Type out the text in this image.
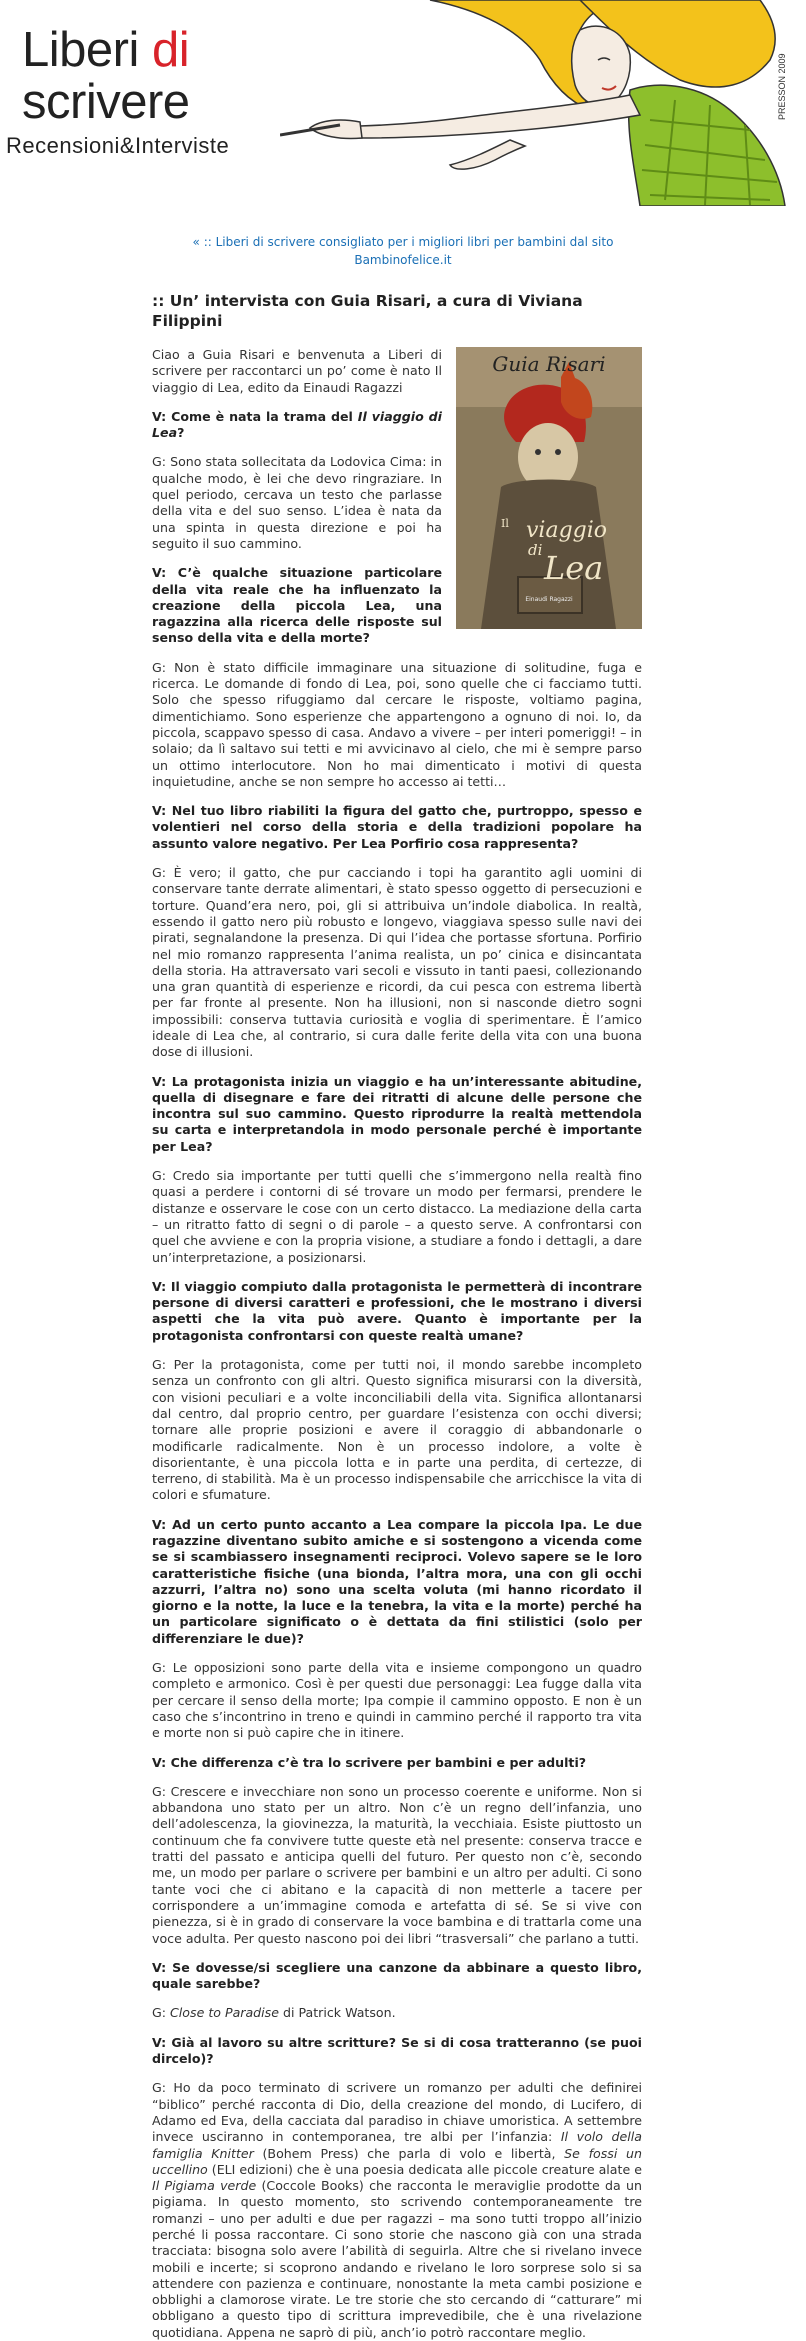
Liberi di
scrivere
Recensioni&Interviste
PRESSON 2009
« :: Liberi di scrivere consigliato per i migliori libri per bambini dal sito Bambinofelice.it
:: Un’ intervista con Guia Risari, a cura di Viviana Filippini
Guia Risari
Il viaggio
di Lea
Einaudi Ragazzi

Ciao a Guia Risari e benvenuta a Liberi di scrivere per raccontarci un po’ come è nato Il viaggio di Lea, edito da Einaudi Ragazzi

V: Come è nata la trama del Il viaggio di Lea?

G: Sono stata sollecitata da Lodovica Cima: in qualche modo, è lei che devo ringraziare. In quel periodo, cercava un testo che parlasse della vita e del suo senso. L’idea è nata da una spinta in questa direzione e poi ha seguito il suo cammino.

V: C’è qualche situazione particolare della vita reale che ha influenzato la creazione della piccola Lea, una ragazzina alla ricerca delle risposte sul senso della vita e della morte?

G: Non è stato difficile immaginare una situazione di solitudine, fuga e ricerca. Le domande di fondo di Lea, poi, sono quelle che ci facciamo tutti. Solo che spesso rifuggiamo dal cercare le risposte, voltiamo pagina, dimentichiamo. Sono esperienze che appartengono a ognuno di noi. Io, da piccola, scappavo spesso di casa. Andavo a vivere – per interi pomeriggi! – in solaio; da lì saltavo sui tetti e mi avvicinavo al cielo, che mi è sempre parso un ottimo interlocutore. Non ho mai dimenticato i motivi di questa inquietudine, anche se non sempre ho accesso ai tetti…

V: Nel tuo libro riabiliti la figura del gatto che, purtroppo, spesso e volentieri nel corso della storia e della tradizioni popolare ha assunto valore negativo. Per Lea Porfirio cosa rappresenta?

G: È vero; il gatto, che pur cacciando i topi ha garantito agli uomini di conservare tante derrate alimentari, è stato spesso oggetto di persecuzioni e torture. Quand’era nero, poi, gli si attribuiva un’indole diabolica. In realtà, essendo il gatto nero più robusto e longevo, viaggiava spesso sulle navi dei pirati, segnalandone la presenza. Di qui l’idea che portasse sfortuna. Porfirio nel mio romanzo rappresenta l’anima realista, un po’ cinica e disincantata della storia. Ha attraversato vari secoli e vissuto in tanti paesi, collezionando una gran quantità di esperienze e ricordi, da cui pesca con estrema libertà per far fronte al presente. Non ha illusioni, non si nasconde dietro sogni impossibili: conserva tuttavia curiosità e voglia di sperimentare. È l’amico ideale di Lea che, al contrario, si cura dalle ferite della vita con una buona dose di illusioni.

V: La protagonista inizia un viaggio e ha un’interessante abitudine, quella di disegnare e fare dei ritratti di alcune delle persone che incontra sul suo cammino. Questo riprodurre la realtà mettendola su carta e interpretandola in modo personale perché è importante per Lea?

G: Credo sia importante per tutti quelli che s’immergono nella realtà fino quasi a perdere i contorni di sé trovare un modo per fermarsi, prendere le distanze e osservare le cose con un certo distacco. La mediazione della carta – un ritratto fatto di segni o di parole – a questo serve. A confrontarsi con quel che avviene e con la propria visione, a studiare a fondo i dettagli, a dare un’interpretazione, a posizionarsi.

V: Il viaggio compiuto dalla protagonista le permetterà di incontrare persone di diversi caratteri e professioni, che le mostrano i diversi aspetti che la vita può avere. Quanto è importante per la protagonista confrontarsi con queste realtà umane?

G: Per la protagonista, come per tutti noi, il mondo sarebbe incompleto senza un confronto con gli altri. Questo significa misurarsi con la diversità, con visioni peculiari e a volte inconciliabili della vita. Significa allontanarsi dal centro, dal proprio centro, per guardare l’esistenza con occhi diversi; tornare alle proprie posizioni e avere il coraggio di abbandonarle o modificarle radicalmente. Non è un processo indolore, a volte è disorientante, è una piccola lotta e in parte una perdita, di certezze, di terreno, di stabilità. Ma è un processo indispensabile che arricchisce la vita di colori e sfumature.

V: Ad un certo punto accanto a Lea compare la piccola Ipa. Le due ragazzine diventano subito amiche e si sostengono a vicenda come se si scambiassero insegnamenti reciproci. Volevo sapere se le loro caratteristiche fisiche (una bionda, l’altra mora, una con gli occhi azzurri, l’altra no) sono una scelta voluta (mi hanno ricordato il giorno e la notte, la luce e la tenebra, la vita e la morte) perché ha un particolare significato o è dettata da fini stilistici (solo per differenziare le due)?

G: Le opposizioni sono parte della vita e insieme compongono un quadro completo e armonico. Così è per questi due personaggi: Lea fugge dalla vita per cercare il senso della morte; Ipa compie il cammino opposto. E non è un caso che s’incontrino in treno e quindi in cammino perché il rapporto tra vita e morte non si può capire che in itinere.

V: Che differenza c’è tra lo scrivere per bambini e per adulti?

G: Crescere e invecchiare non sono un processo coerente e uniforme. Non si abbandona uno stato per un altro. Non c’è un regno dell’infanzia, uno dell’adolescenza, la giovinezza, la maturità, la vecchiaia. Esiste piuttosto un continuum che fa convivere tutte queste età nel presente: conserva tracce e tratti del passato e anticipa quelli del futuro. Per questo non c’è, secondo me, un modo per parlare o scrivere per bambini e un altro per adulti. Ci sono tante voci che ci abitano e la capacità di non metterle a tacere per corrispondere a un’immagine comoda e artefatta di sé. Se si vive con pienezza, si è in grado di conservare la voce bambina e di trattarla come una voce adulta. Per questo nascono poi dei libri “trasversali” che parlano a tutti.

V: Se dovesse/si scegliere una canzone da abbinare a questo libro, quale sarebbe?

G: Close to Paradise di Patrick Watson.

V: Già al lavoro su altre scritture? Se si di cosa tratteranno (se puoi dircelo)?

G: Ho da poco terminato di scrivere un romanzo per adulti che definirei “biblico” perché racconta di Dio, della creazione del mondo, di Lucifero, di Adamo ed Eva, della cacciata dal paradiso in chiave umoristica. A settembre invece usciranno in contemporanea, tre albi per l’infanzia: Il volo della famiglia Knitter (Bohem Press) che parla di volo e libertà, Se fossi un uccellino (ELI edizioni) che è una poesia dedicata alle piccole creature alate e Il Pigiama verde (Coccole Books) che racconta le meraviglie prodotte da un pigiama. In questo momento, sto scrivendo contemporaneamente tre romanzi – uno per adulti e due per ragazzi – ma sono tutti troppo all’inizio perché li possa raccontare. Ci sono storie che nascono già con una strada tracciata: bisogna solo avere l’abilità di seguirla. Altre che si rivelano invece mobili e incerte; si scoprono andando e rivelano le loro sorprese solo si sa attendere con pazienza e continuare, nonostante la meta cambi posizione e obblighi a clamorose virate. Le tre storie che sto cercando di “catturare” mi obbligano a questo tipo di scrittura imprevedibile, che è una rivelazione quotidiana. Appena ne saprò di più, anch’io potrò raccontare meglio.
